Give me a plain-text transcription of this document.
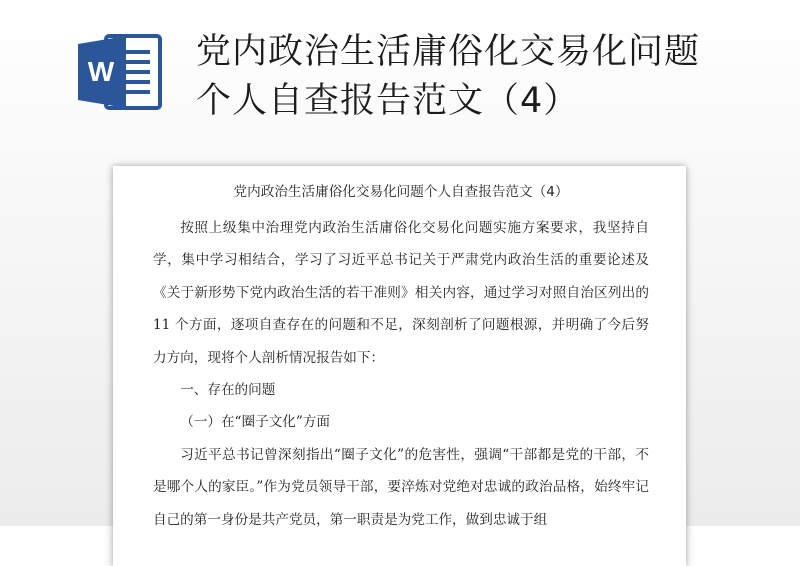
党内政治生活庸俗化交易化问题
个人自查报告范文（4）
W
党内政治生活庸俗化交易化问题个人自查报告范文（4）

按照上级集中治理党内政治生活庸俗化交易化问题实施方案要求，我坚持自学，集中学习相结合，学习了习近平总书记关于严肃党内政治生活的重要论述及《关于新形势下党内政治生活的若干准则》相关内容，通过学习对照自治区列出的 11 个方面，逐项自查存在的问题和不足，深刻剖析了问题根源，并明确了今后努力方向，现将个人剖析情况报告如下：

一、存在的问题

（一）在“圈子文化”方面

习近平总书记曾深刻指出“圈子文化”的危害性，强调“干部都是党的干部，不是哪个人的家臣。”作为党员领导干部，要淬炼对党绝对忠诚的政治品格，始终牢记自己的第一身份是共产党员，第一职责是为党工作，做到忠诚于组
